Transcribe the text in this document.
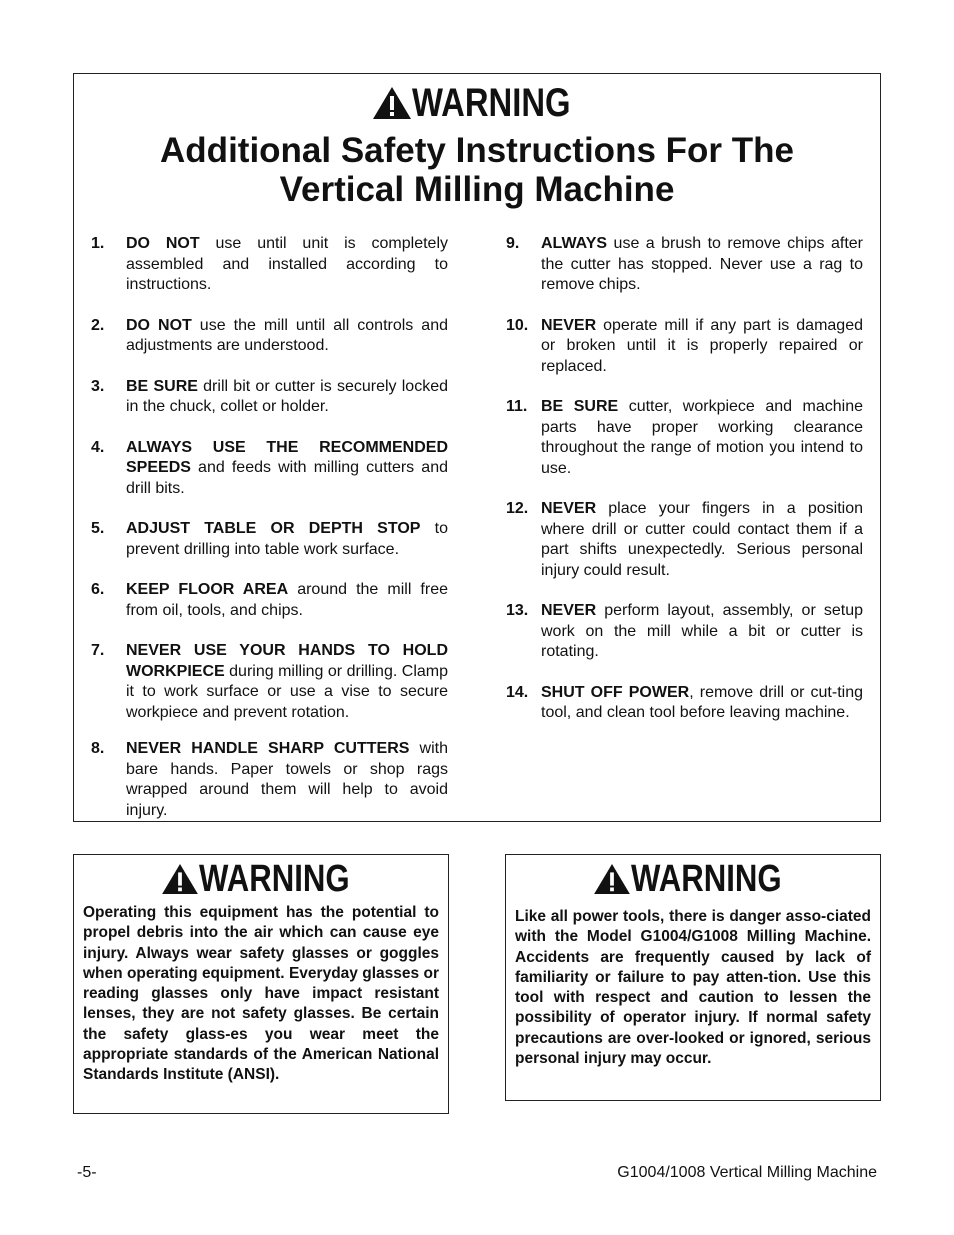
WARNING
Additional Safety Instructions For The Vertical Milling Machine
1. DO NOT use until unit is completely assembled and installed according to instructions.
2. DO NOT use the mill until all controls and adjustments are understood.
3. BE SURE drill bit or cutter is securely locked in the chuck, collet or holder.
4. ALWAYS USE THE RECOMMENDED SPEEDS and feeds with milling cutters and drill bits.
5. ADJUST TABLE OR DEPTH STOP to prevent drilling into table work surface.
6. KEEP FLOOR AREA around the mill free from oil, tools, and chips.
7. NEVER USE YOUR HANDS TO HOLD WORKPIECE during milling or drilling. Clamp it to work surface or use a vise to secure workpiece and prevent rotation.
8. NEVER HANDLE SHARP CUTTERS with bare hands. Paper towels or shop rags wrapped around them will help to avoid injury.
9. ALWAYS use a brush to remove chips after the cutter has stopped. Never use a rag to remove chips.
10. NEVER operate mill if any part is damaged or broken until it is properly repaired or replaced.
11. BE SURE cutter, workpiece and machine parts have proper working clearance throughout the range of motion you intend to use.
12. NEVER place your fingers in a position where drill or cutter could contact them if a part shifts unexpectedly. Serious personal injury could result.
13. NEVER perform layout, assembly, or setup work on the mill while a bit or cutter is rotating.
14. SHUT OFF POWER, remove drill or cut-ting tool, and clean tool before leaving machine.
WARNING

Operating this equipment has the potential to propel debris into the air which can cause eye injury. Always wear safety glasses or goggles when operating equipment. Everyday glasses or reading glasses only have impact resistant lenses, they are not safety glasses. Be certain the safety glass-es you wear meet the appropriate standards of the American National Standards Institute (ANSI).

WARNING

Like all power tools, there is danger asso-ciated with the Model G1004/G1008 Milling Machine. Accidents are frequently caused by lack of familiarity or failure to pay atten-tion. Use this tool with respect and caution to lessen the possibility of operator injury. If normal safety precautions are over-looked or ignored, serious personal injury may occur.

-5-	G1004/1008 Vertical Milling Machine
